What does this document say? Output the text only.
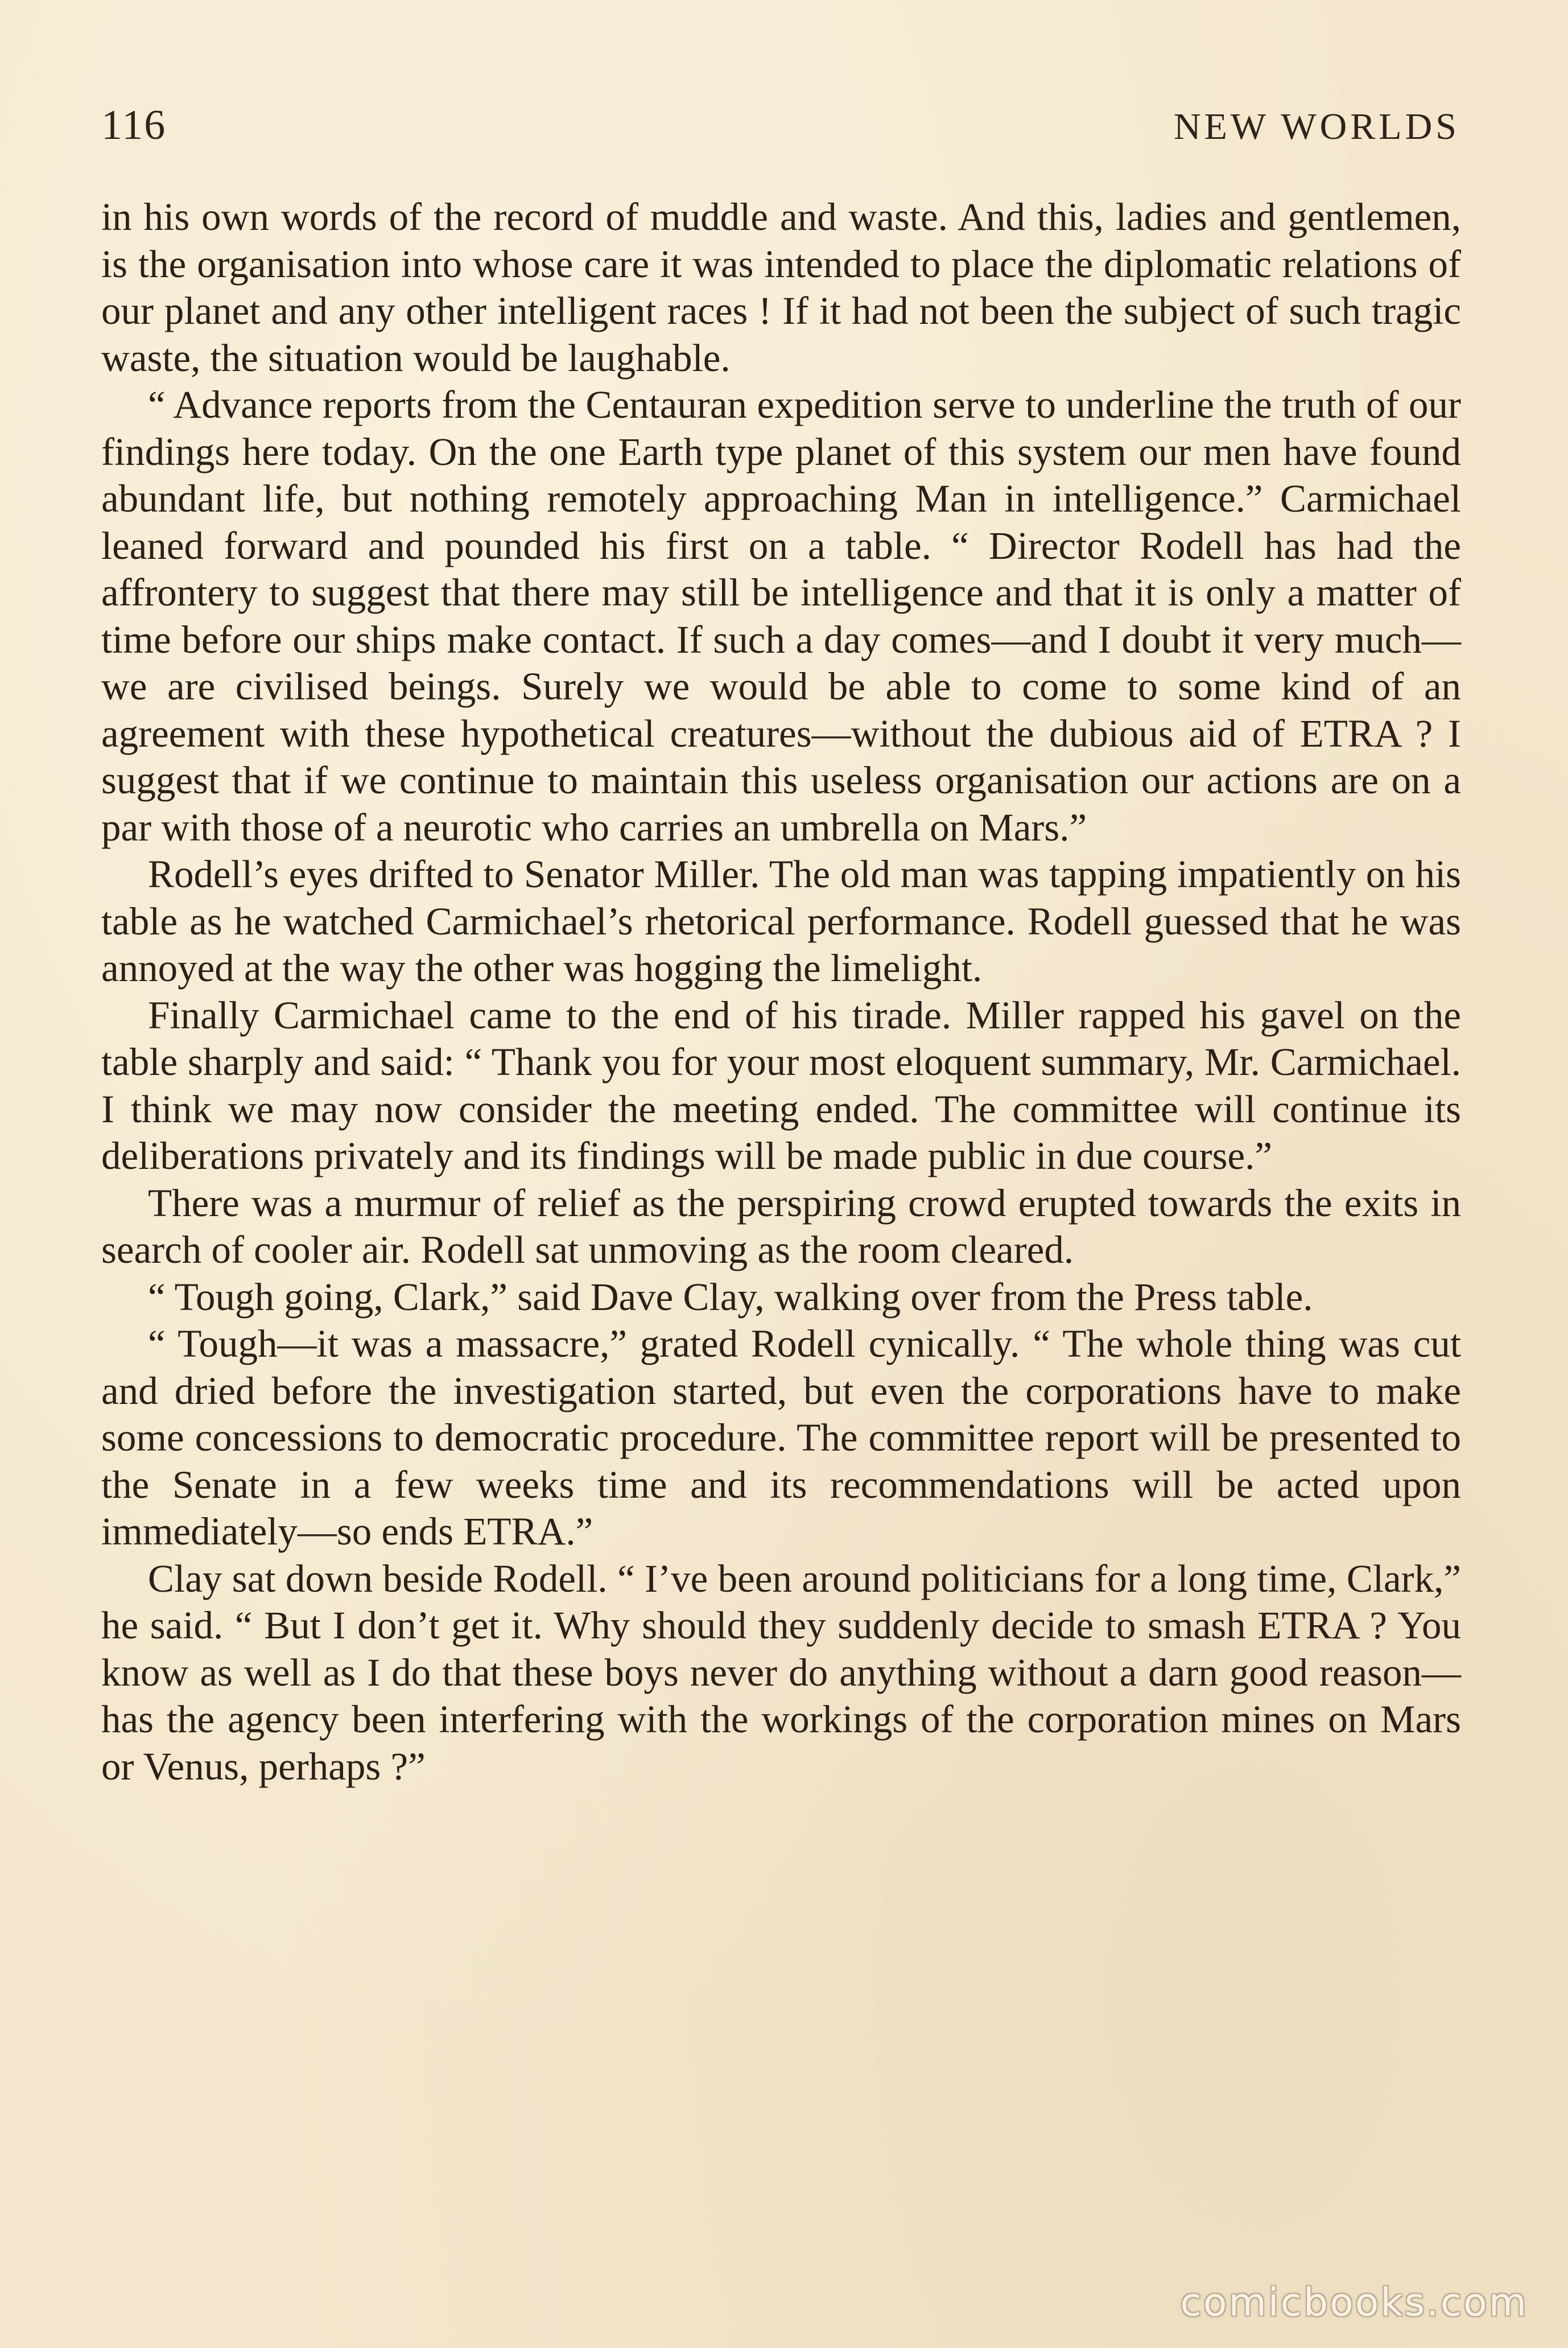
116	NEW WORLDS

in his own words of the record of muddle and waste. And this, ladies and gentlemen, is the organisation into whose care it was intended to place the diplomatic relations of our planet and any other intelligent races ! If it had not been the subject of such tragic waste, the situation would be laughable.

“ Advance reports from the Centauran expedition serve to underline the truth of our findings here today. On the one Earth type planet of this system our men have found abundant life, but nothing remotely approaching Man in intelligence.” Carmichael leaned forward and pounded his first on a table. “ Director Rodell has had the affrontery to suggest that there may still be intelligence and that it is only a matter of time before our ships make contact. If such a day comes—and I doubt it very much—we are civilised beings. Surely we would be able to come to some kind of an agreement with these hypothetical creatures—without the dubious aid of ETRA ? I suggest that if we continue to maintain this useless organisation our actions are on a par with those of a neurotic who carries an umbrella on Mars.”

Rodell’s eyes drifted to Senator Miller. The old man was tapping impatiently on his table as he watched Carmichael’s rhetorical performance. Rodell guessed that he was annoyed at the way the other was hogging the limelight.

Finally Carmichael came to the end of his tirade. Miller rapped his gavel on the table sharply and said: “ Thank you for your most eloquent summary, Mr. Carmichael. I think we may now consider the meeting ended. The committee will continue its deliberations privately and its findings will be made public in due course.”

There was a murmur of relief as the perspiring crowd erupted towards the exits in search of cooler air. Rodell sat unmoving as the room cleared.

“ Tough going, Clark,” said Dave Clay, walking over from the Press table.

“ Tough—it was a massacre,” grated Rodell cynically. “ The whole thing was cut and dried before the investigation started, but even the corporations have to make some concessions to democratic procedure. The committee report will be presented to the Senate in a few weeks time and its recommendations will be acted upon immediately—so ends ETRA.”

Clay sat down beside Rodell. “ I’ve been around politicians for a long time, Clark,” he said. “ But I don’t get it. Why should they suddenly decide to smash ETRA ? You know as well as I do that these boys never do anything without a darn good reason—has the agency been interfering with the workings of the corporation mines on Mars or Venus, perhaps ?”

comicbooks.com
